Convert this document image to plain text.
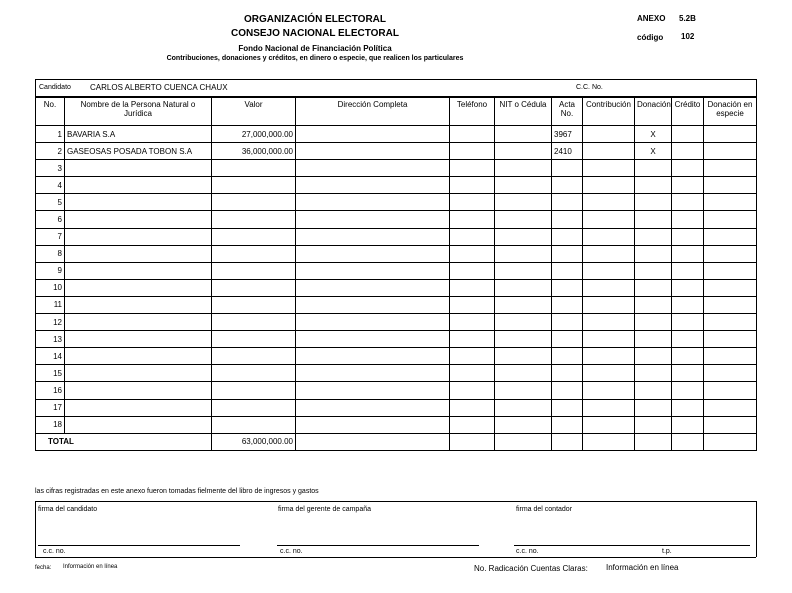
ORGANIZACIÓN ELECTORAL
CONSEJO NACIONAL ELECTORAL
Fondo Nacional de Financiación Política
Contribuciones, donaciones y créditos, en dinero o especie, que realicen los particulares
ANEXO 5.2B
código 102
Candidato CARLOS ALBERTO CUENCA CHAUX	C.C. No.
No.	Nombre de la Persona Natural o Jurídica	Valor	Dirección Completa	Teléfono	NIT o Cédula	Acta No.	Contribución	Donación	Crédito	Donación en especie
1	BAVARIA S.A	27,000,000.00				3967		X		
2	GASEOSAS POSADA TOBON S.A	36,000,000.00				2410		X		
3										
4										
5										
6										
7										
8										
9										
10										
11										
12										
13										
14										
15										
16										
17										
18										
TOTAL		63,000,000.00								
las cifras registradas en este anexo fueron tomadas fielmente del libro de ingresos y gastos
firma del candidato	firma del gerente de campaña	firma del contador
c.c. no.	c.c. no.	c.c. no.	t.p.
fecha: Información en línea	No. Radicación Cuentas Claras: Información en línea
